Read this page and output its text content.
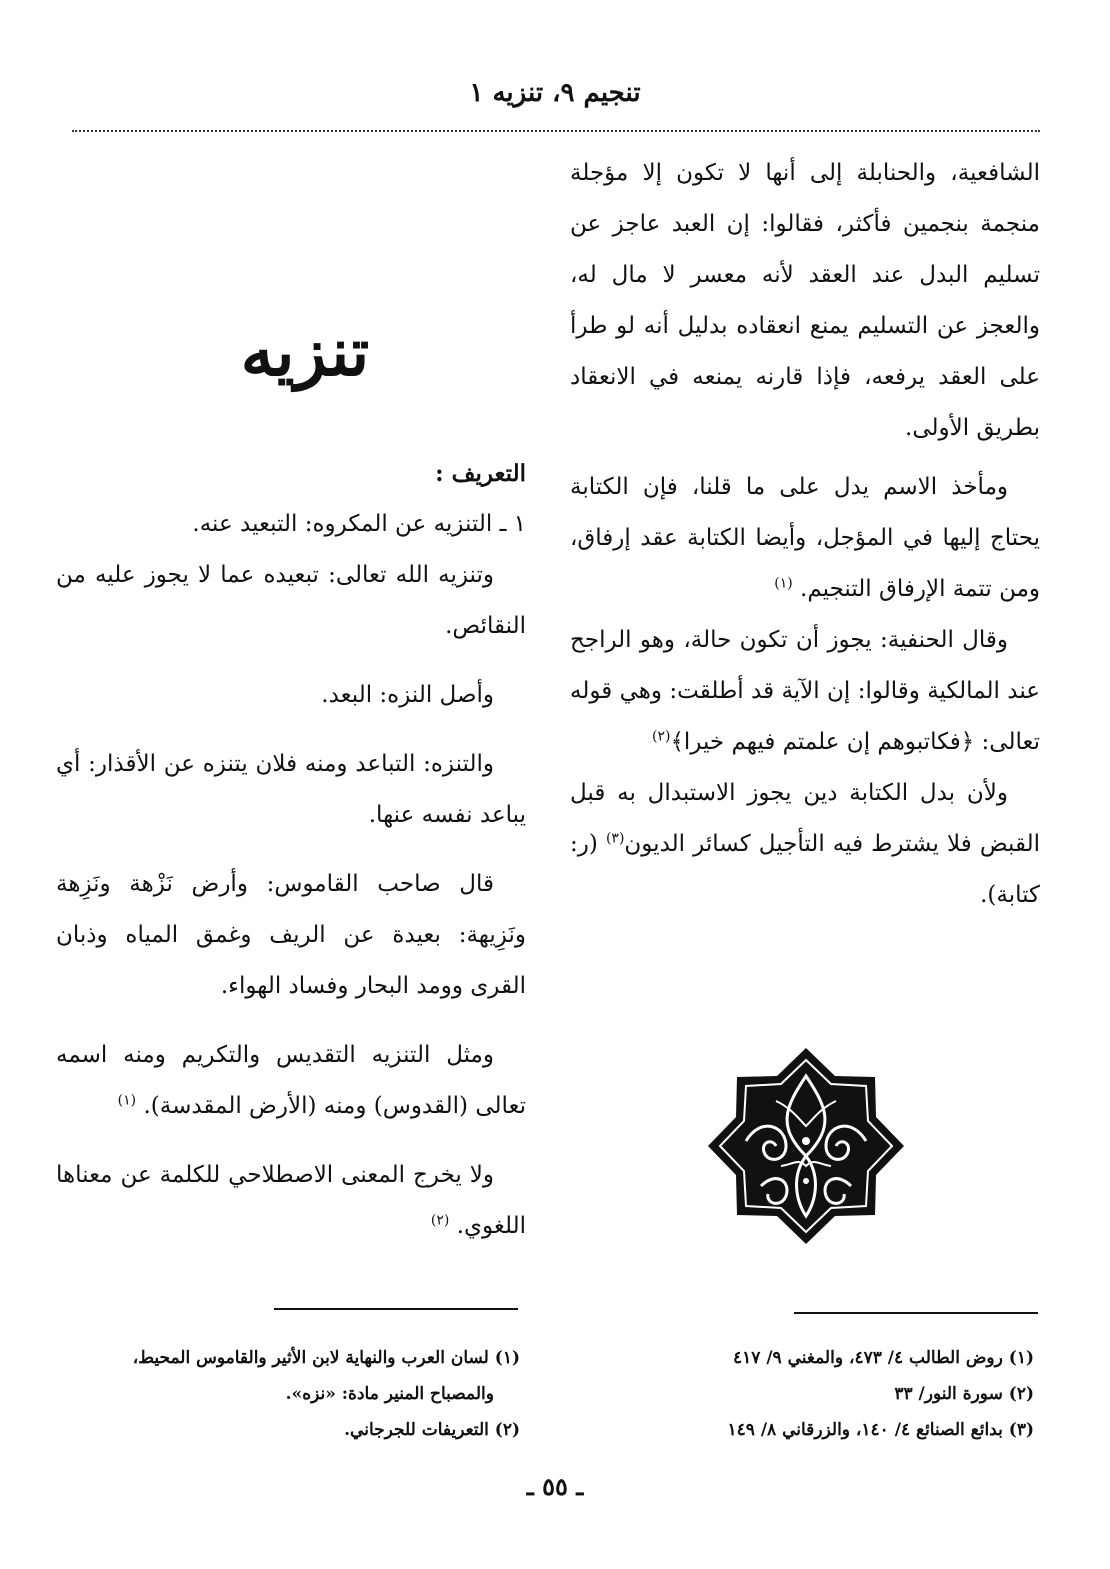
تنجيم ٩، تنزيه ١

الشافعية، والحنابلة إلى أنها لا تكون إلا مؤجلة منجمة بنجمين فأكثر، فقالوا: إن العبد عاجز عن تسليم البدل عند العقد لأنه معسر لا مال له، والعجز عن التسليم يمنع انعقاده بدليل أنه لو طرأ على العقد يرفعه، فإذا قارنه يمنعه في الانعقاد بطريق الأولى.

ومأخذ الاسم يدل على ما قلنا، فإن الكتابة يحتاج إليها في المؤجل، وأيضا الكتابة عقد إرفاق، ومن تتمة الإرفاق التنجيم. $^{(١)}$

وقال الحنفية: يجوز أن تكون حالة، وهو الراجح عند المالكية وقالوا: إن الآية قد أطلقت: وهي قوله تعالى: ﴿فكاتبوهم إن علمتم فيهم خيرا﴾$^{(٢)}$

ولأن بدل الكتابة دين يجوز الاستبدال به قبل القبض فلا يشترط فيه التأجيل كسائر الديون$^{(٣)}$ (ر: كتابة).

تنزيه

التعريف :

١ ـ التنزيه عن المكروه: التبعيد عنه.

وتنزيه الله تعالى: تبعيده عما لا يجوز عليه من النقائص.

وأصل النزه: البعد.

والتنزه: التباعد ومنه فلان يتنزه عن الأقذار: أي يباعد نفسه عنها.

قال صاحب القاموس: وأرض نَزْهة ونَزِهة ونَزِيهة: بعيدة عن الريف وغمق المياه وذبان القرى وومد البحار وفساد الهواء.

ومثل التنزيه التقديس والتكريم ومنه اسمه تعالى (القدوس) ومنه (الأرض المقدسة). $^{(١)}$

ولا يخرج المعنى الاصطلاحي للكلمة عن معناها اللغوي. $^{(٢)}$

(١) روض الطالب ٤/ ٤٧٣، والمغني ٩/ ٤١٧
(٢) سورة النور/ ٣٣
(٣) بدائع الصنائع ٤/ ١٤٠، والزرقاني ٨/ ١٤٩
(١) لسان العرب والنهاية لابن الأثير والقاموس المحيط،
والمصباح المنير مادة: «نزه».
(٢) التعريفات للجرجاني.
ـ ٥٥ ـ
